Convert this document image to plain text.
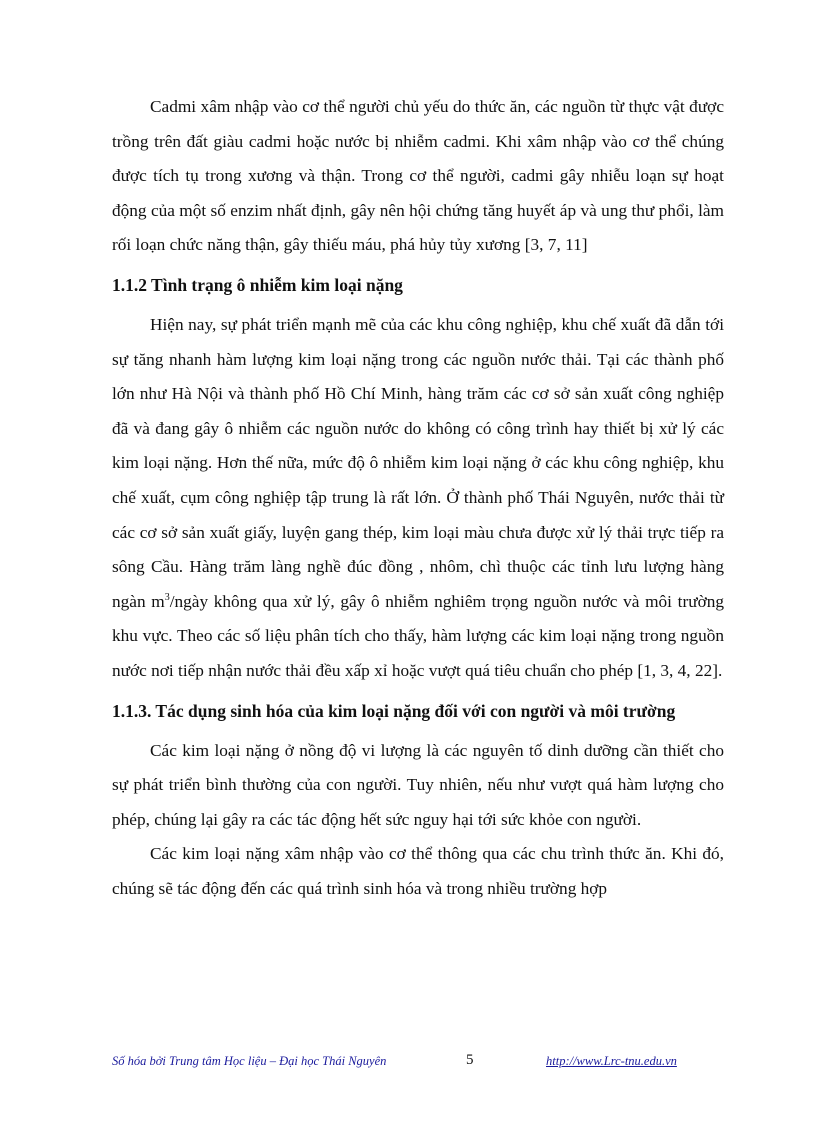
Cadmi xâm nhập vào cơ thể người chủ yếu do thức ăn, các nguồn từ thực vật được trồng trên đất giàu cadmi hoặc nước bị nhiễm cadmi. Khi xâm nhập vào cơ thể chúng được tích tụ trong xương và thận. Trong cơ thể người, cadmi gây nhiễu loạn sự hoạt động của một số enzim nhất định, gây nên hội chứng tăng huyết áp và ung thư phổi, làm rối loạn chức năng thận, gây thiếu máu, phá hủy tủy xương [3, 7, 11]

1.1.2 Tình trạng ô nhiễm kim loại nặng

Hiện nay, sự phát triển mạnh mẽ của các khu công nghiệp, khu chế xuất đã dẫn tới sự tăng nhanh hàm lượng kim loại nặng trong các nguồn nước thải. Tại các thành phố lớn như Hà Nội và thành phố Hồ Chí Minh, hàng trăm các cơ sở sản xuất công nghiệp đã và đang gây ô nhiễm các nguồn nước do không có công trình hay thiết bị xử lý các kim loại nặng. Hơn thế nữa, mức độ ô nhiễm kim loại nặng ở các khu công nghiệp, khu chế xuất, cụm công nghiệp tập trung là rất lớn. Ở thành phố Thái Nguyên, nước thải từ các cơ sở sản xuất giấy, luyện gang thép, kim loại màu chưa được xử lý thải trực tiếp ra sông Cầu. Hàng trăm làng nghề đúc đồng , nhôm, chì thuộc các tỉnh lưu lượng hàng ngàn $m^3$/ngày không qua xử lý, gây ô nhiễm nghiêm trọng nguồn nước và môi trường khu vực. Theo các số liệu phân tích cho thấy, hàm lượng các kim loại nặng trong nguồn nước nơi tiếp nhận nước thải đều xấp xỉ hoặc vượt quá tiêu chuẩn cho phép [1, 3, 4, 22].

1.1.3. Tác dụng sinh hóa của kim loại nặng đối với con người và môi trường

Các kim loại nặng ở nồng độ vi lượng là các nguyên tố dinh dưỡng cần thiết cho sự phát triển bình thường của con người. Tuy nhiên, nếu như vượt quá hàm lượng cho phép, chúng lại gây ra các tác động hết sức nguy hại tới sức khỏe con người.

Các kim loại nặng xâm nhập vào cơ thể thông qua các chu trình thức ăn. Khi đó, chúng sẽ tác động đến các quá trình sinh hóa và trong nhiều trường hợp

Số hóa bởi Trung tâm Học liệu – Đại học Thái Nguyên	5	http://www.Lrc-tnu.edu.vn
